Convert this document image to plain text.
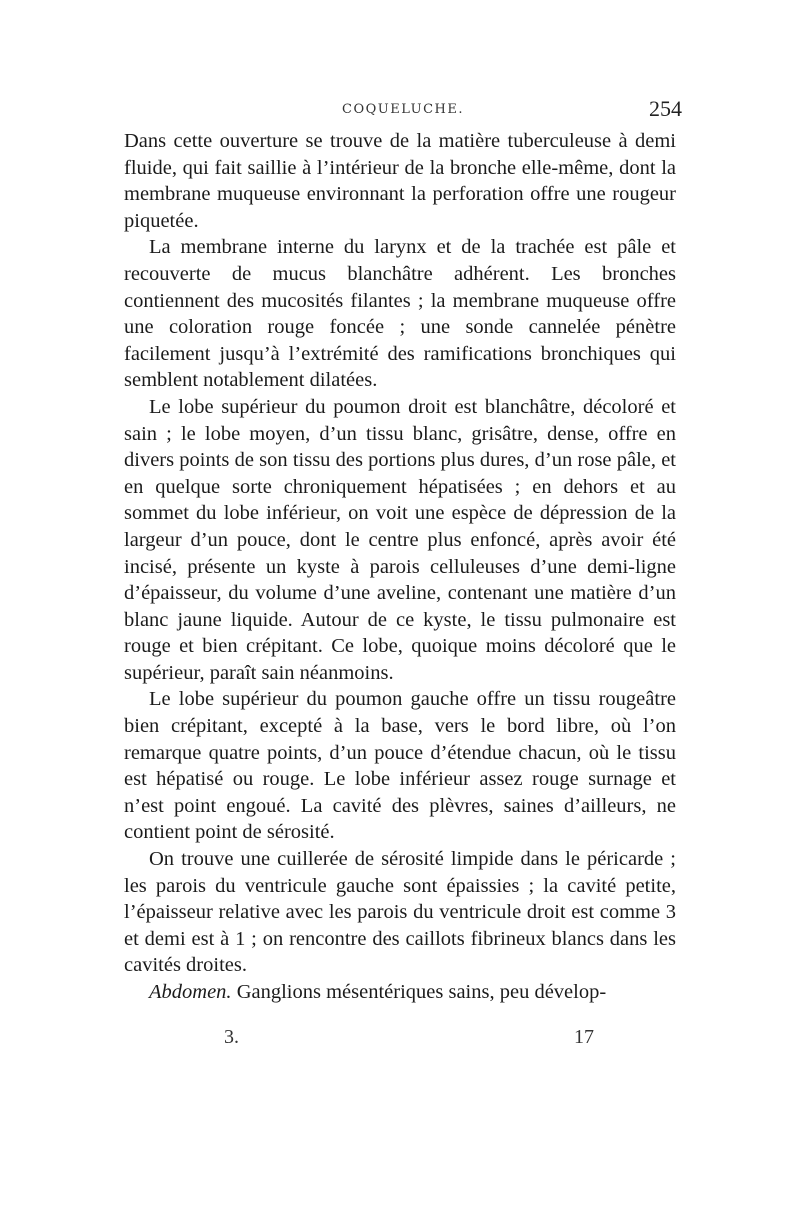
COQUELUCHE.	254

Dans cette ouverture se trouve de la matière tuberculeuse à demi fluide, qui fait saillie à l’intérieur de la bronche elle-même, dont la membrane muqueuse environnant la perforation offre une rougeur piquetée.

La membrane interne du larynx et de la trachée est pâle et recouverte de mucus blanchâtre adhérent. Les bronches contiennent des mucosités filantes ; la membrane muqueuse offre une coloration rouge foncée ; une sonde cannelée pénètre facilement jusqu’à l’extrémité des ramifications bronchiques qui semblent notablement dilatées.

Le lobe supérieur du poumon droit est blanchâtre, décoloré et sain ; le lobe moyen, d’un tissu blanc, grisâtre, dense, offre en divers points de son tissu des portions plus dures, d’un rose pâle, et en quelque sorte chroniquement hépatisées ; en dehors et au sommet du lobe inférieur, on voit une espèce de dépression de la largeur d’un pouce, dont le centre plus enfoncé, après avoir été incisé, présente un kyste à parois celluleuses d’une demi-ligne d’épaisseur, du volume d’une aveline, contenant une matière d’un blanc jaune liquide. Autour de ce kyste, le tissu pulmonaire est rouge et bien crépitant. Ce lobe, quoique moins décoloré que le supérieur, paraît sain néanmoins.

Le lobe supérieur du poumon gauche offre un tissu rougeâtre bien crépitant, excepté à la base, vers le bord libre, où l’on remarque quatre points, d’un pouce d’étendue chacun, où le tissu est hépatisé ou rouge. Le lobe inférieur assez rouge surnage et n’est point engoué. La cavité des plèvres, saines d’ailleurs, ne contient point de sérosité.

On trouve une cuillerée de sérosité limpide dans le péricarde ; les parois du ventricule gauche sont épaissies ; la cavité petite, l’épaisseur relative avec les parois du ventricule droit est comme 3 et demi est à 1 ; on rencontre des caillots fibrineux blancs dans les cavités droites.

Abdomen. Ganglions mésentériques sains, peu dévelop-

3.	17
